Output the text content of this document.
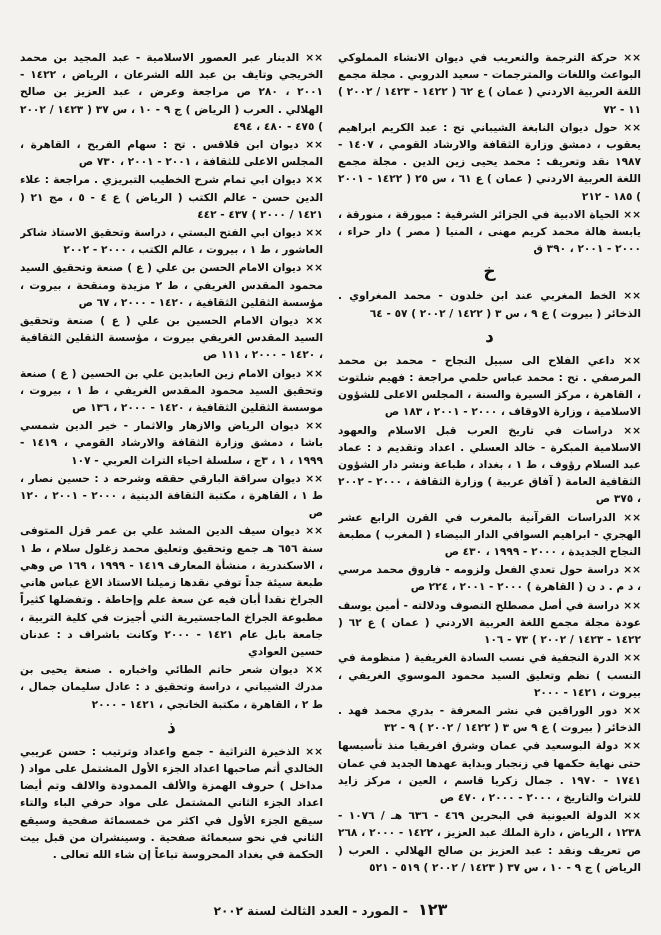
×× حركة الترجمة والتعريب في ديوان الانشاء المملوكي البواعث واللغات والمترجمات - سعيد الدروبي . مجلة مجمع اللغة العربية الاردني ( عمان ) ع ٦٢ ( ١٤٢٢ - ١٤٢٣ / ٢٠٠٢ ) ١١ - ٧٢
×× حول ديوان النابغة الشيباني تح : عبد الكريم ابراهيم يعقوب ، دمشق وزارة الثقافة والارشاد القومي ، ١٤٠٧ - ١٩٨٧ نقد وتعريف : محمد يحيى زين الدين . مجلة مجمع اللغة العربية الاردني ( عمان ) ع ٦١ ، س ٢٥ ( ١٤٢٢ - ٢٠٠١ ) ١٨٥ - ٢١٢
×× الحياة الادبية في الجزائر الشرقية : ميورقة ، منورقة ، يابسة هالة محمد كريم مهنى ، المنيا ( مصر ) دار حراء ، ٢٠٠٠ - ٢٠٠١ ، ٣٩٠ ق
خ
×× الخط المغربي عند ابن خلدون - محمد المغراوي . الذخائر ( بيروت ) ع ٩ ، س ٣ ( ١٤٢٢ / ٢٠٠٢ ) ٥٧ - ٦٤
د
×× داعي الفلاح الى سبيل النجاح - محمد بن محمد المرصفي . تح : محمد عباس حلمي مراجعة : فهيم شلتوت ، القاهرة ، مركز السيرة والسنة ، المجلس الاعلى للشؤون الاسلامية ، وزارة الاوقاف ، ٢٠٠٠ - ٢٠٠١ ، ١٨٣ ص
×× دراسات في تاريخ العرب قبل الاسلام والعهود الاسلامية المبكرة - خالد العسلي . اعداد وتقديم د : عماد عبد السلام رؤوف ، ط ١ ، بغداد ، طباعة ونشر دار الشؤون الثقافية العامة ( آفاق عربية ) وزارة الثقافة ، ٢٠٠٠ - ٢٠٠٢ ، ٣٧٥ ص
×× الدراسات القرآنية بالمغرب في القرن الرابع عشر الهجري - ابراهيم السوافي الدار البيضاء ( المغرب ) مطبعة النجاح الجديدة ، ٢٠٠٠ - ١٩٩٩ ، ٤٣٠ ص
×× دراسة حول تعدي الفعل ولزومه - فاروق محمد مرسي ، د م . د ن ( القاهرة ) ٢٠٠٠ - ٢٠٠١ ، ٢٢٤ ص
×× دراسة في أصل مصطلح التصوف ودلالته - أمين يوسف عودة مجلة مجمع اللغة العربية الاردني ( عمان ) ع ٦٢ ( ١٤٢٢ - ١٤٢٣ / ٢٠٠٢ ) ٧٣ - ١٠٦
×× الدرة النجفية في نسب السادة الغريفية ( منظومة في النسب ) نظم وتعليق السيد محمود الموسوي الغريفي ، بيروت ، ١٤٢١ - ٢٠٠٠
×× دور الوراقين في نشر المعرفة - بدري محمد فهد . الذخائر ( بيروت ) ع ٩ س ٣ ( ١٤٢٢ / ٢٠٠٢ ) ٩ - ٣٢
×× دولة البوسعيد في عمان وشرق افريقيا منذ تأسيسها حتى نهاية حكمها في زنجبار وبداية عهدها الجديد في عمان ١٧٤١ - ١٩٧٠ . جمال زكريا قاسم ، العين ، مركز زايد للتراث والتاريخ ، ٢٠٠٠ - ٢٠٠٠ ، ٤٧٠ ص
×× الدولة العيونية في البحرين ٤٦٩ - ٦٣٦ هـ / ١٠٧٦ - ١٢٣٨ ، الرياض ، دارة الملك عبد العزيز ، ١٤٢٢ - ٢٠٠٠ ، ٢٦٨ ص تعريف ونقد : عبد العزيز بن صالح الهلالي . العرب ( الرياض ) ج ٩ - ١٠ ، س ٣٧ ( ١٤٢٣ / ٢٠٠٢ ) ٥١٩ - ٥٢١
×× الدينار عبر العصور الاسلامية - عبد المجيد بن محمد الخريجي وتايف بن عبد الله الشرعان ، الرياض ، ١٤٢٢ - ٢٠٠١ ، ٢٨٠ ص مراجعة وعرض ، عبد العزيز بن صالح الهلالي . العرب ( الرياض ) ج ٩ - ١٠ ، س ٣٧ ( ١٤٢٣ / ٢٠٠٢ ) ٤٧٥ - ٤٨٠ ، ٤٩٤
×× ديوان ابن قلاقس . تح : سهام الفريح ، القاهرة ، المجلس الاعلى للثقافة ، ٢٠٠١ - ٢٠٠١ ، ٧٣٠ ص
×× ديوان ابي تمام شرح الخطيب التبريزي . مراجعة : علاء الدين حسن - عالم الكتب ( الرياض ) ع ٤ - ٥ ، مج ٢١ ( ١٤٢١ / ٢٠٠٠ ) ٤٣٧ - ٤٤٢
×× ديوان ابي الفتح البستي ، دراسة وتحقيق الاستاذ شاكر العاشور ، ط ١ ، بيروت ، عالم الكتب ، ٢٠٠٠ - ٢٠٠٢
×× ديوان الامام الحسن بن علي ( ع ) صنعة وتحقيق السيد محمود المقدس الغريفي ، ط ٢ مزيدة ومنقحة ، بيروت ، مؤسسة الثقلين الثقافية ، ١٤٢٠ - ٢٠٠٠ ، ٦٧ ص
×× ديوان الامام الحسين بن علي ( ع ) صنعة وتحقيق السيد المقدس الغريفي بيروت ، مؤسسة الثقلين الثقافية ، ١٤٢٠ - ٢٠٠٠ ، ١١١ ص
×× ديوان الامام زين العابدين علي بن الحسين ( ع ) صنعة وتحقيق السيد محمود المقدس الغريفي ، ط ١ ، بيروت ، موسسة الثقلين الثقافية ، ١٤٢٠ - ٢٠٠٠ ، ١٣٦ ص
×× ديوان الرياض والازهار والاثمار - خير الدين شمسي باشا ، دمشق وزارة الثقافة والارشاد القومي ، ١٤١٩ - ١٩٩٩ ، ١ ، ٣ج ، سلسلة احياء التراث العربي - ١٠٧
×× ديوان سراقة البارقي حققه وشرحه د : حسين نصار ، ط ١ ، القاهرة ، مكتبة الثقافة الدينية ، ٢٠٠٠ - ٢٠٠١ ، ١٢٠ ص
×× ديوان سيف الدين المشد علي بن عمر قزل المتوفى سنة ٦٥٦ هـ جمع وتحقيق وتعليق محمد زغلول سلام ، ط ١ ، الاسكندرية ، منشأة المعارف ١٤١٩ - ١٩٩٩ ، ١٦٩ ص وهي طبعة سيئة جداً توفي نقدها زميلنا الاستاذ الاغ عباس هاني الجراخ نقدا أبان فيه عن سعة علم وإحاطة . وتفضلها كثيراً مطبوعة الجراخ الماجستيرية التي أجيزت في كلية التربية ، جامعة بابل عام ١٤٢١ - ٢٠٠٠ وكانت باشراف د : عدنان حسين العوادي
×× ديوان شعر حاتم الطائي واخباره . صنعة يحيى بن مدرك الشيباني ، دراسة وتحقيق د : عادل سليمان جمال ، ط ٢ ، القاهرة ، مكتبة الخانجي ، ١٤٢١ - ٢٠٠٠
ذ
×× الذخيرة التراثية - جمع واعداد وترتيب : حسن عريبي الخالدي أتم صاحبها اعداد الجزء الأول المشتمل على مواد ( مداخل ) حروف الهمزة والألف الممدودة والالف وتم أيضا اعداد الجزء الثاني المشتمل على مواد حرفي الباء والتاء سيقع الجزء الأول في اكثر من خمسمائة صفحية وسيقع الثاني في نحو سبعمائة صفحية . وسينشران من قبل بيت الحكمة في بغداد المحروسة تباعاً إن شاء الله تعالى .
١٢٣ - المورد - العدد الثالث لسنة ٢٠٠٢
